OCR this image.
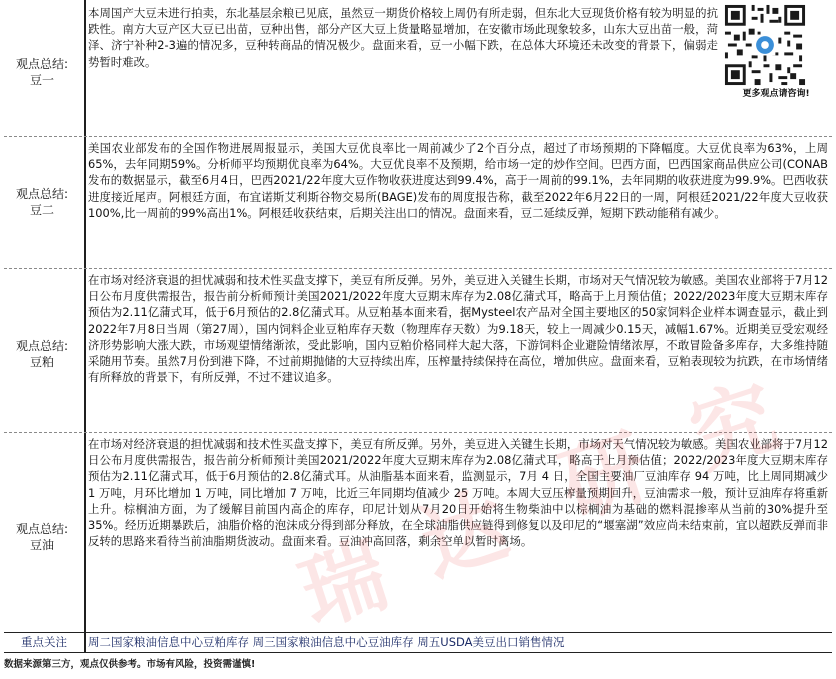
本周国产大豆未进行拍卖，东北基层余粮已见底，虽然豆一期货价格较上周仍有所走弱，但东北大豆现货价格有较为明显的抗跌性。南方大豆产区大豆已出苗，豆种出售，部分产区大豆上货量略显增加，在安徽市场此现象较多，山东大豆出苗一般，菏泽、济宁补种2-3遍的情况多，豆种转商品的情况极少。盘面来看，豆一小幅下跌，在总体大环境还未改变的背景下，偏弱走势暂时难改。
观点总结:
豆一
更多观点请咨询!
美国农业部发布的全国作物进展周报显示，美国大豆优良率比一周前减少了2个百分点，超过了市场预期的下降幅度。大豆优良率为63%，上周65%，去年同期59%。分析师平均预期优良率为64%。大豆优良率不及预期，给市场一定的炒作空间。巴西方面，巴西国家商品供应公司(CONAB发布的数据显示，截至6月4日，巴西2021/22年度大豆作物收获进度达到99.4%，高于一周前的99.1%，去年同期的收获进度为99.9%。巴西收获进度接近尾声。阿根廷方面，布宜诺斯艾利斯谷物交易所(BAGE)发布的周度报告称，截至2022年6月22日的一周，阿根廷2021/22年度大豆收获100%,比一周前的99%高出1%。阿根廷收获结束，后期关注出口的情况。盘面来看，豆二延续反弹，短期下跌动能稍有减少。
观点总结:
豆二
在市场对经济衰退的担忧减弱和技术性买盘支撑下，美豆有所反弹。另外，美豆进入关键生长期，市场对天气情况较为敏感。美国农业部将于7月12日公布月度供需报告，报告前分析师预计美国2021/2022年度大豆期末库存为2.08亿蒲式耳，略高于上月预估值；2022/2023年度大豆期末库存预估为2.11亿蒲式耳，低于6月预估的2.8亿蒲式耳。从豆粕基本面来看，据Mysteel农产品对全国主要地区的50家饲料企业样本调查显示，截止到2022年7月8日当周（第27周），国内饲料企业豆粕库存天数（物理库存天数）为9.18天，较上一周减少0.15天，减幅1.67%。近期美豆受宏观经济形势影响大涨大跌，市场观望情绪渐浓，受此影响，国内豆粕价格同样大起大落，下游饲料企业避险情绪浓厚，不敢冒险备多库存，大多维持随采随用节奏。虽然7月份到港下降，不过前期抛储的大豆持续出库，压榨量持续保持在高位，增加供应。盘面来看，豆粕表现较为抗跌，在市场情绪有所释放的背景下，有所反弹，不过不建议追多。
观点总结:
豆粕
在市场对经济衰退的担忧减弱和技术性买盘支撑下，美豆有所反弹。另外，美豆进入关键生长期，市场对天气情况较为敏感。美国农业部将于7月12日公布月度供需报告，报告前分析师预计美国2021/2022年度大豆期末库存为2.08亿蒲式耳，略高于上月预估值；2022/2023年度大豆期末库存预估为2.11亿蒲式耳，低于6月预估的2.8亿蒲式耳。从油脂基本面来看，监测显示，7月 4 日，全国主要油厂豆油库存 94 万吨，比上周同期减少 1 万吨，月环比增加 1 万吨，同比增加 7 万吨，比近三年同期均值减少 25 万吨。本周大豆压榨量预期回升，豆油需求一般，预计豆油库存将重新上升。棕榈油方面，为了缓解目前国内高企的库存，印尼计划从7月20日开始将生物柴油中以棕榈油为基础的燃料混掺率从当前的30%提升至35%。经历近期暴跌后，油脂价格的泡沫成分得到部分释放，在全球油脂供应链得到修复以及印尼的“堰塞湖”效应尚未结束前，宜以超跌反弹而非反转的思路来看待当前油脂期货波动。盘面来看。豆油冲高回落，剩余空单以暂时离场。
观点总结:
豆油
重点关注	周二国家粮油信息中心豆粕库存 周三国家粮油信息中心豆油库存 周五USDA美豆出口销售情况
数据来源第三方，观点仅供参考。市场有风险，投资需谨慎!
瑞 达 研 究
